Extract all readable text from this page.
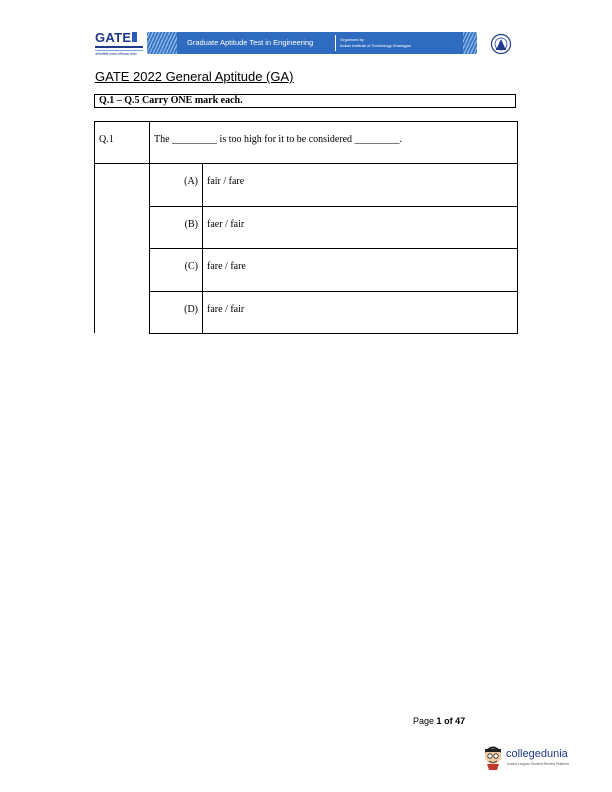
GATE
अभियांत्रिकी स्नातक अभिक्षमता परीक्षा
Graduate Aptitude Test in Engineering	Organised by
Indian Institute of Technology Kharagpur
GATE 2022 General Aptitude (GA)
Q.1 – Q.5 Carry ONE mark each.
Q.1	The _________ is too high for it to be considered _________.	
	(A)	fair / fare
	(B)	faer / fair
	(C)	fare / fare
	(D)	fare / fair
Page 1 of 47
collegedunia
India's Largest Student Review Platform
